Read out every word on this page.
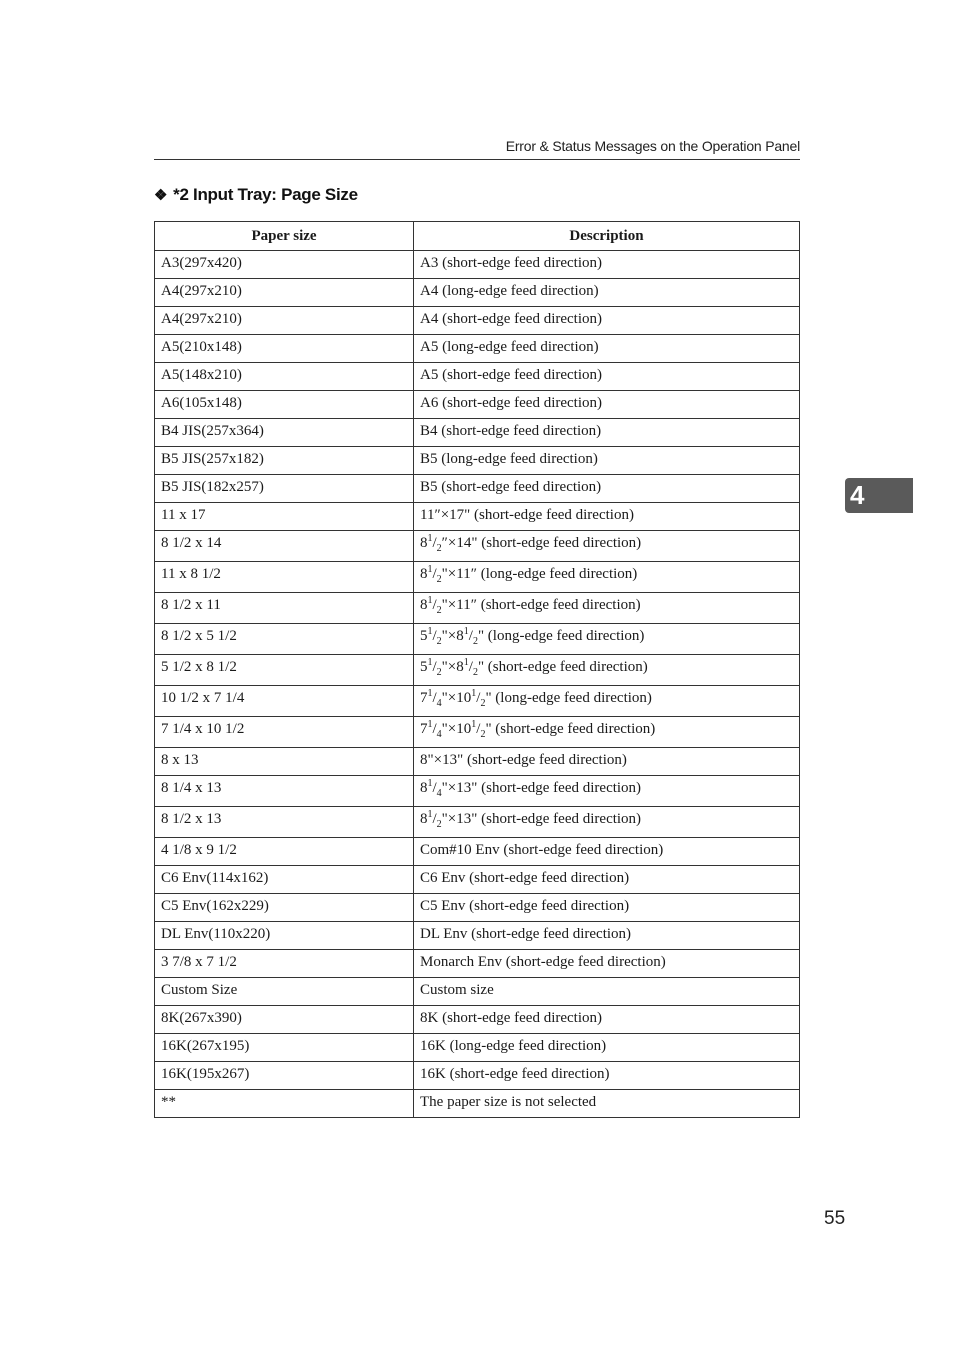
Error & Status Messages on the Operation Panel
❖ *2 Input Tray: Page Size
Paper size	Description
A3(297x420)	A3 (short-edge feed direction)
A4(297x210)	A4 (long-edge feed direction)
A4(297x210)	A4 (short-edge feed direction)
A5(210x148)	A5 (long-edge feed direction)
A5(148x210)	A5 (short-edge feed direction)
A6(105x148)	A6 (short-edge feed direction)
B4 JIS(257x364)	B4 (short-edge feed direction)
B5 JIS(257x182)	B5 (long-edge feed direction)
B5 JIS(182x257)	B5 (short-edge feed direction)
11 x 17	11″×17" (short-edge feed direction)
8 1/2 x 14	$8^1/_2''\times 14$" (short-edge feed direction)
11 x 8 1/2	$8^1/_2"\times 11''$ (long-edge feed direction)
8 1/2 x 11	$8^1/_2"\times 11''$ (short-edge feed direction)
8 1/2 x 5 1/2	$5^1/_2"\times 8^1/_2$" (long-edge feed direction)
5 1/2 x 8 1/2	$5^1/_2"\times 8^1/_2$" (short-edge feed direction)
10 1/2 x 7 1/4	$7^1/_4"\times 10^1/_2$" (long-edge feed direction)
7 1/4 x 10 1/2	$7^1/_4"\times 10^1/_2$" (short-edge feed direction)
8 x 13	8"×13" (short-edge feed direction)
8 1/4 x 13	$8^1/_4"\times 13$" (short-edge feed direction)
8 1/2 x 13	$8^1/_2"\times 13$" (short-edge feed direction)
4 1/8 x 9 1/2	Com#10 Env (short-edge feed direction)
C6 Env(114x162)	C6 Env (short-edge feed direction)
C5 Env(162x229)	C5 Env (short-edge feed direction)
DL Env(110x220)	DL Env (short-edge feed direction)
3 7/8 x 7 1/2	Monarch Env (short-edge feed direction)
Custom Size	Custom size
8K(267x390)	8K (short-edge feed direction)
16K(267x195)	16K (long-edge feed direction)
16K(195x267)	16K (short-edge feed direction)
**	The paper size is not selected
4
55
